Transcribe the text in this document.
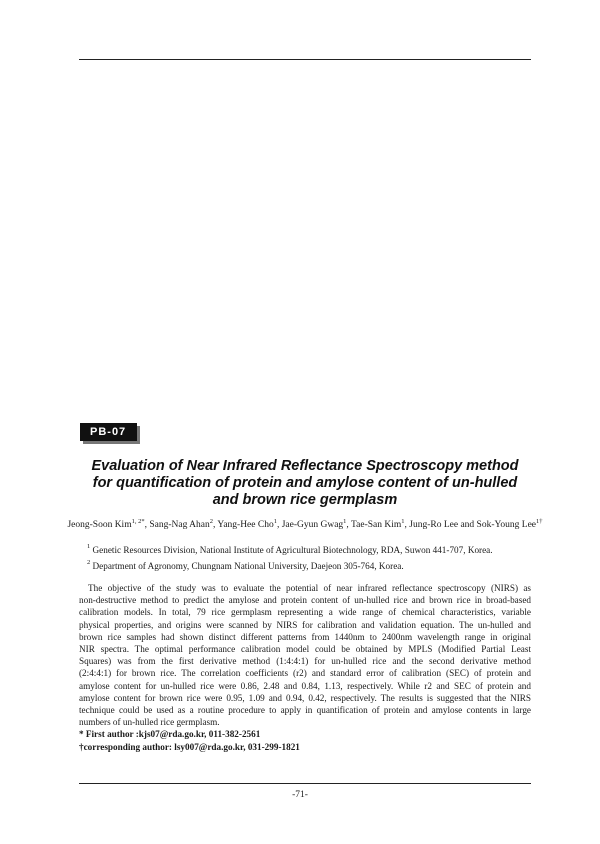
PB-07
Evaluation of Near Infrared Reflectance Spectroscopy method
for quantification of protein and amylose content of un-hulled
and brown rice germplasm
Jeong-Soon Kim$^{1, 2*}$, Sang-Nag Ahan$^2$, Yang-Hee Cho$^1$, Jae-Gyun Gwag$^1$, Tae-San Kim$^1$, Jung-Ro Lee and Sok-Young Lee$^{1\dagger}$
$^1$ Genetic Resources Division, National Institute of Agricultural Biotechnology, RDA, Suwon 441-707, Korea.
$^2$ Department of Agronomy, Chungnam National University, Daejeon 305-764, Korea.
The objective of the study was to evaluate the potential of near infrared reflectance spectroscopy (NIRS) as
non-destructive method to predict the amylose and protein content of un-hulled rice and brown rice in broad-based
calibration models. In total, 79 rice germplasm representing a wide range of chemical characteristics, variable
physical properties, and origins were scanned by NIRS for calibration and validation equation. The un-hulled and
brown rice samples had shown distinct different patterns from 1440nm to 2400nm wavelength range in original
NIR spectra. The optimal performance calibration model could be obtained by MPLS (Modified Partial Least
Squares) was from the first derivative method (1:4:4:1) for un-hulled rice and the second derivative method
(2:4:4:1) for brown rice. The correlation coefficients (r2) and standard error of calibration (SEC) of protein and
amylose content for un-hulled rice were 0.86, 2.48 and 0.84, 1.13, respectively. While r2 and SEC of protein and
amylose content for brown rice were 0.95, 1.09 and 0.94, 0.42, respectively. The results is suggested that the NIRS
technique could be used as a routine procedure to apply in quantification of protein and amylose contents in large
numbers of un-hulled rice germplasm.
* First author :kjs07@rda.go.kr, 011-382-2561
†corresponding author: lsy007@rda.go.kr, 031-299-1821
-71-
